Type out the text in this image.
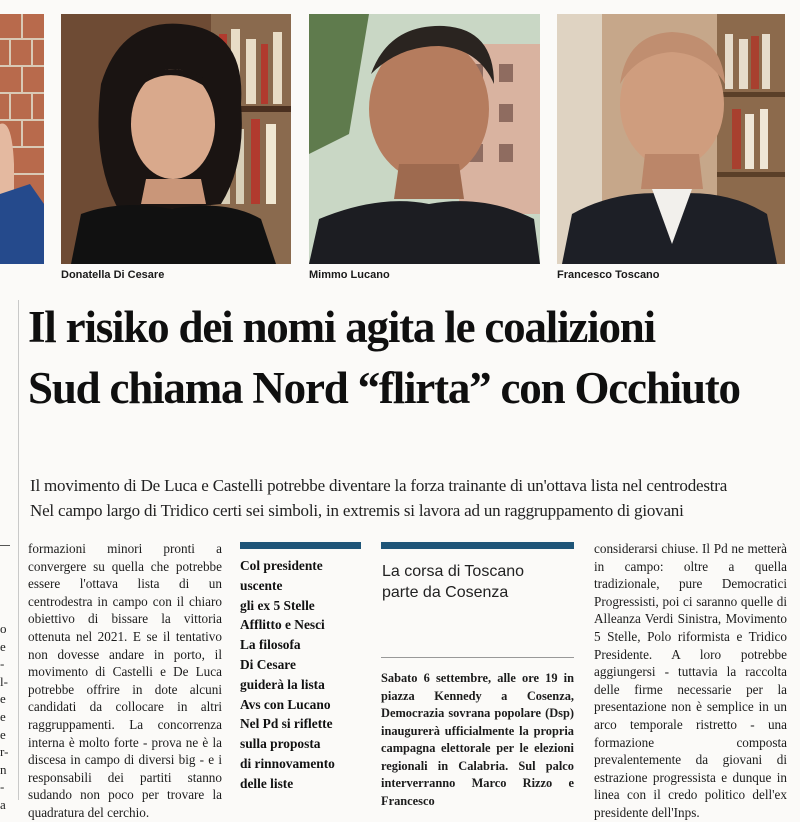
Donatella Di Cesare	Mimmo Lucano	Francesco Toscano
Il risiko dei nomi agita le coalizioni
Sud chiama Nord “flirta” con Occhiuto
Il movimento di De Luca e Castelli potrebbe diventare la forza trainante di un'ottava lista nel centrodestra
Nel campo largo di Tridico certi sei simboli, in extremis si lavora ad un raggruppamento di giovani
o
e
-
l-
e
e
e
r-
n
-
a

formazioni minori pronti a convergere su quella che potrebbe essere l'ottava lista di un centrodestra in campo con il chiaro obiettivo di bissare la vittoria ottenuta nel 2021. E se il tentativo non dovesse andare in porto, il movimento di Castelli e De Luca potrebbe offrire in dote alcuni candidati da collocare in altri raggruppamenti. La concorrenza interna è molto forte - prova ne è la discesa in campo di diversi big - e i responsabili dei partiti stanno sudando non poco per trovare la quadratura del cerchio.

Col presidente
uscente
gli ex 5 Stelle
Afflitto e Nesci
La filosofa
Di Cesare
guiderà la lista
Avs con Lucano
Nel Pd si riflette
sulla proposta
di rinnovamento
delle liste
La corsa di Toscano
parte da Cosenza

Sabato 6 settembre, alle ore 19 in piazza Kennedy a Cosenza, Democrazia sovrana popolare (Dsp) inaugurerà ufficialmente la propria campagna elettorale per le elezioni regionali in Calabria. Sul palco interverranno Marco Rizzo e Francesco

considerarsi chiuse. Il Pd ne metterà in campo: oltre a quella tradizionale, pure Democratici Progressisti, poi ci saranno quelle di Alleanza Verdi Sinistra, Movimento 5 Stelle, Polo riformista e Tridico Presidente. A loro potrebbe aggiungersi - tuttavia la raccolta delle firme necessarie per la presentazione non è semplice in un arco temporale ristretto - una formazione composta prevalentemente da giovani di estrazione progressista e dunque in linea con il credo politico dell'ex presidente dell'Inps.
